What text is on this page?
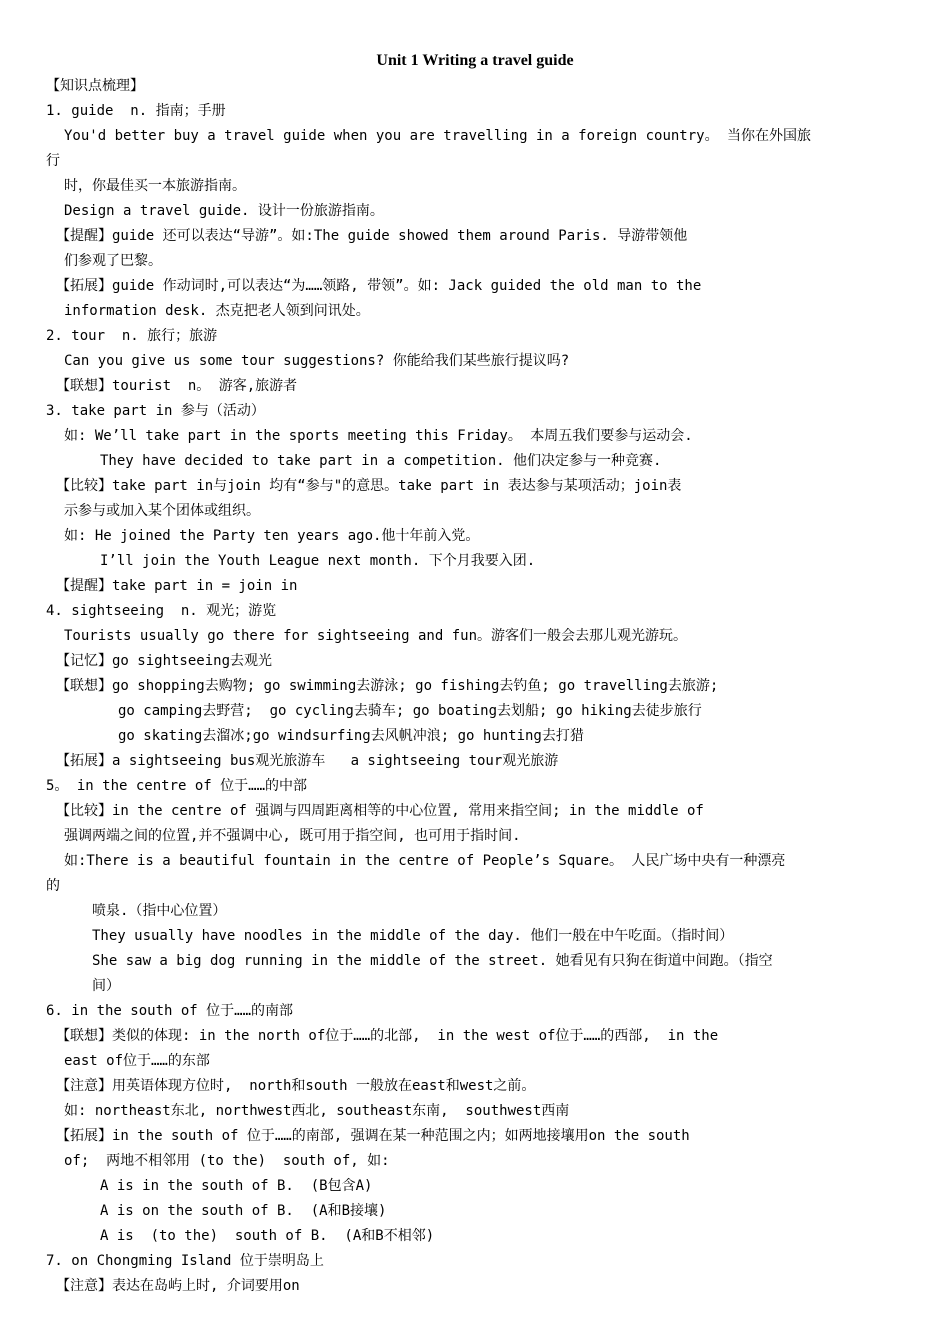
Unit 1 Writing a travel guide
【知识点梳理】
1. guide  n. 指南；手册
You'd better buy a travel guide when you are travelling in a foreign country。 当你在外国旅
行
时，你最佳买一本旅游指南。
Design a travel guide. 设计一份旅游指南。
【提醒】guide 还可以表达“导游”。如:The guide showed them around Paris. 导游带领他
们参观了巴黎。
【拓展】guide 作动词时,可以表达“为……领路, 带领”。如: Jack guided the old man to the
information desk. 杰克把老人领到问讯处。
2. tour  n. 旅行；旅游
Can you give us some tour suggestions? 你能给我们某些旅行提议吗?
【联想】tourist  n。 游客,旅游者
3. take part in 参与（活动）
如: We’ll take part in the sports meeting this Friday。 本周五我们要参与运动会.
They have decided to take part in a competition. 他们决定参与一种竞赛.
【比较】take part in与join 均有“参与"的意思。take part in 表达参与某项活动；join表
示参与或加入某个团体或组织。
如: He joined the Party ten years ago.他十年前入党。
I’ll join the Youth League next month. 下个月我要入团.
【提醒】take part in = join in
4. sightseeing  n. 观光；游览
Tourists usually go there for sightseeing and fun。游客们一般会去那儿观光游玩。
【记忆】go sightseeing去观光
【联想】go shopping去购物; go swimming去游泳; go fishing去钓鱼; go travelling去旅游;
go camping去野营;  go cycling去骑车; go boating去划船; go hiking去徒步旅行
go skating去溜冰;go windsurfing去风帆冲浪; go hunting去打猎
【拓展】a sightseeing bus观光旅游车   a sightseeing tour观光旅游
5。 in the centre of 位于……的中部
【比较】in the centre of 强调与四周距离相等的中心位置, 常用来指空间; in the middle of
强调两端之间的位置,并不强调中心, 既可用于指空间, 也可用于指时间.
如:There is a beautiful fountain in the centre of People’s Square。 人民广场中央有一种漂亮
的
喷泉.（指中心位置）
They usually have noodles in the middle of the day. 他们一般在中午吃面。（指时间）
She saw a big dog running in the middle of the street. 她看见有只狗在街道中间跑。（指空
间）
6. in the south of 位于……的南部
【联想】类似的体现: in the north of位于……的北部,  in the west of位于……的西部,  in the
east of位于……的东部
【注意】用英语体现方位时,  north和south 一般放在east和west之前。
如: northeast东北, northwest西北, southeast东南,  southwest西南
【拓展】in the south of 位于……的南部, 强调在某一种范围之内；如两地接壤用on the south
of;  两地不相邻用 (to the)  south of, 如:
A is in the south of B.  (B包含A)
A is on the south of B.  (A和B接壤)
A is  (to the)  south of B.  (A和B不相邻)
7. on Chongming Island 位于崇明岛上
【注意】表达在岛屿上时, 介词要用on
